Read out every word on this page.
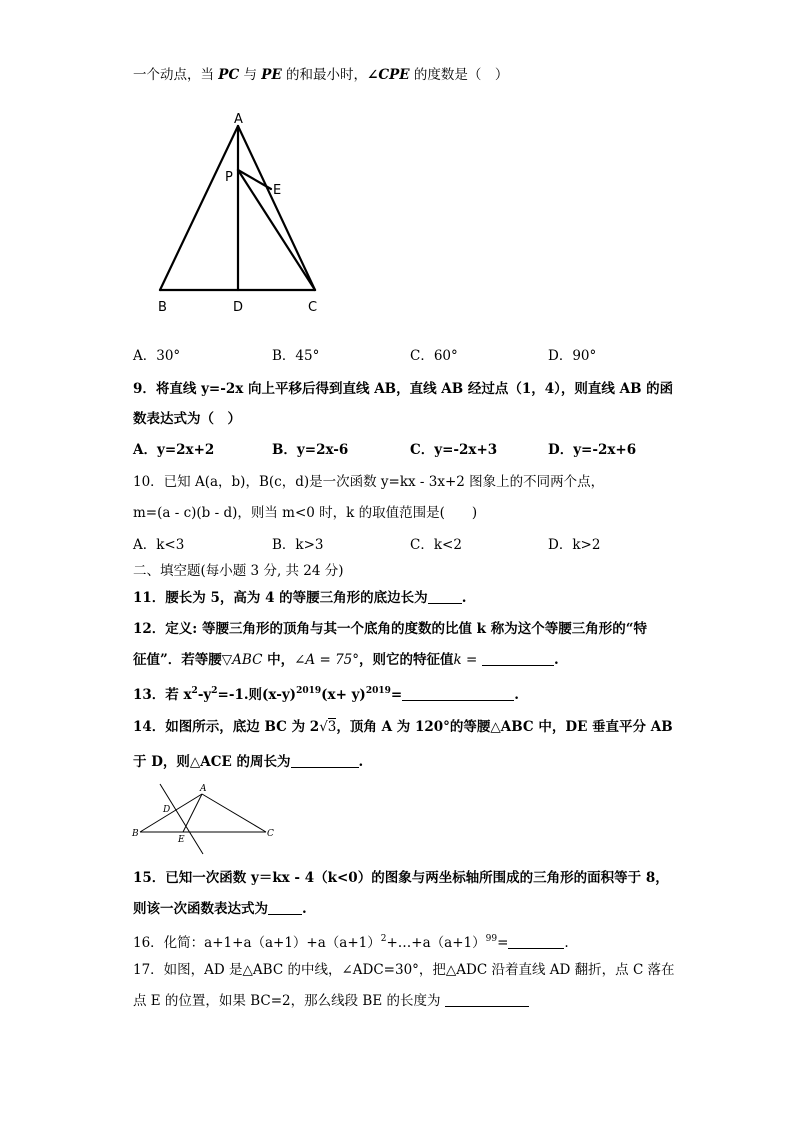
一个动点，当 PC 与 PE 的和最小时，∠CPE 的度数是（　）
A
P
E
B	D	C
A．30°	B．45°	C．60°	D．90°
9．将直线 y=-2x 向上平移后得到直线 AB，直线 AB 经过点（1，4），则直线 AB 的函
数表达式为（　）
A．y=2x+2	B．y=2x-6	C．y=-2x+3	D．y=-2x+6
10．已知 A(a，b)，B(c，d)是一次函数 y=kx - 3x+2 图象上的不同两个点，
m=(a - c)(b - d)，则当 m<0 时，k 的取值范围是(　　)
A．k<3	B．k>3	C．k<2	D．k>2
二、填空题(每小题 3 分, 共 24 分)
11．腰长为 5，高为 4 的等腰三角形的底边长为	.
12．定义: 等腰三角形的顶角与其一个底角的度数的比值 k 称为这个等腰三角形的“特
征值”．若等腰▽ABC 中，∠A = 75°，则它的特征值k =	.
13．若 $x^2-y^2=-1$.则$(x-y)^{2019}(x+ y)^{2019}=$	.
14．如图所示，底边 BC 为 2√3，顶角 A 为 120°的等腰△ABC 中，DE 垂直平分 AB
于 D，则△ACE 的周长为	.
A
D
B
E
C
15．已知一次函数 y＝kx - 4（k<0）的图象与两坐标轴所围成的三角形的面积等于 8，
则该一次函数表达式为	.
16．化简：$a+1+a(a+1)+a(a+1)^2+\dots+a(a+1)^{99}=$	.
17．如图，AD 是△ABC 的中线，∠ADC=30°，把△ADC 沿着直线 AD 翻折，点 C 落在
点 E 的位置，如果 BC=2，那么线段 BE 的长度为
